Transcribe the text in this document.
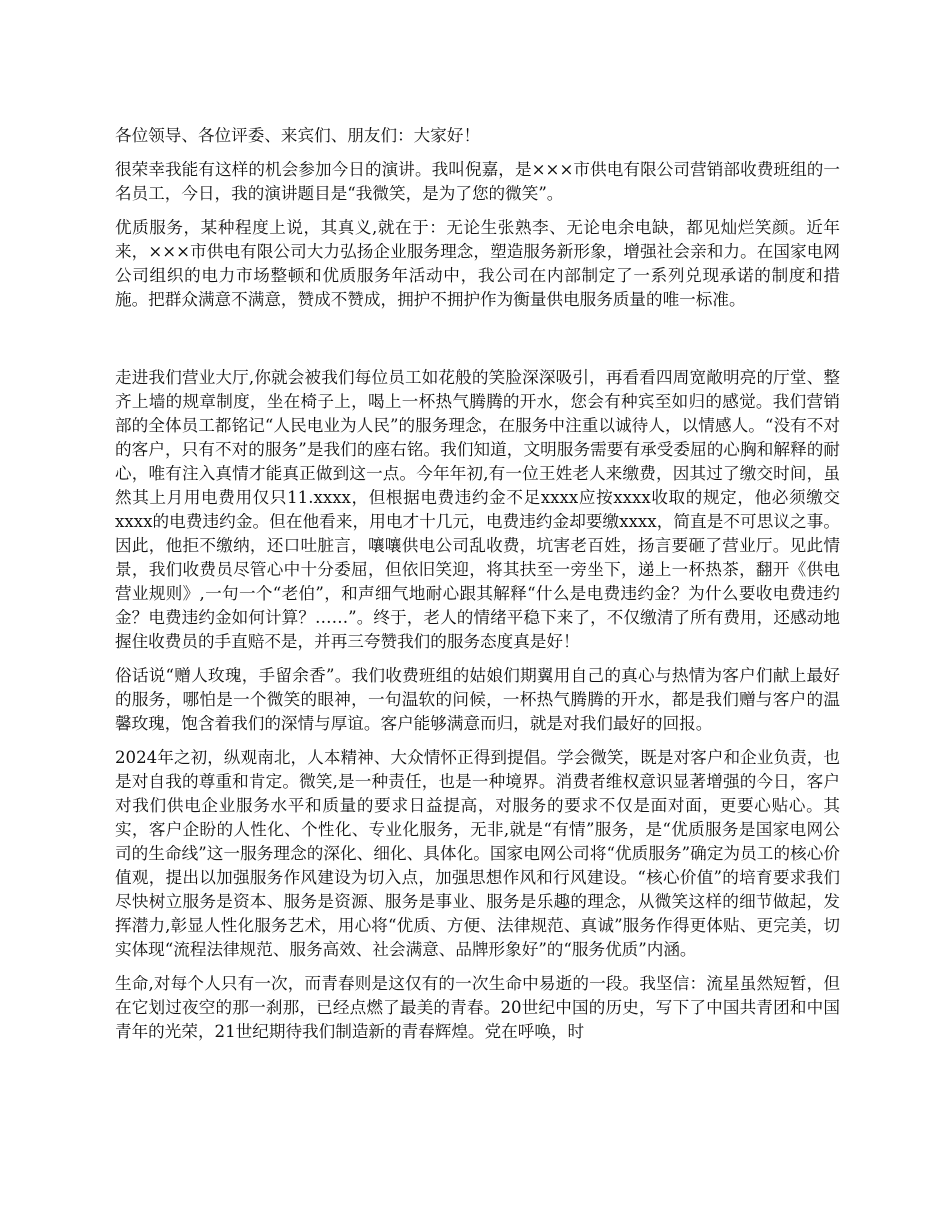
各位领导、各位评委、来宾们、朋友们：大家好！

很荣幸我能有这样的机会参加今日的演讲。我叫倪嘉，是×××市供电有限公司营销部收费班组的一名员工，今日，我的演讲题目是“我微笑，是为了您的微笑”。

优质服务，某种程度上说，其真义,就在于：无论生张熟李、无论电余电缺，都见灿烂笑颜。近年来，×××市供电有限公司大力弘扬企业服务理念，塑造服务新形象，增强社会亲和力。在国家电网公司组织的电力市场整顿和优质服务年活动中，我公司在内部制定了一系列兑现承诺的制度和措施。把群众满意不满意，赞成不赞成，拥护不拥护作为衡量供电服务质量的唯一标准。

走进我们营业大厅,你就会被我们每位员工如花般的笑脸深深吸引，再看看四周宽敞明亮的厅堂、整齐上墙的规章制度，坐在椅子上，喝上一杯热气腾腾的开水，您会有种宾至如归的感觉。我们营销部的全体员工都铭记“人民电业为人民”的服务理念，在服务中注重以诚待人，以情感人。“没有不对的客户，只有不对的服务”是我们的座右铭。我们知道，文明服务需要有承受委屈的心胸和解释的耐心，唯有注入真情才能真正做到这一点。今年年初,有一位王姓老人来缴费，因其过了缴交时间，虽然其上月用电费用仅只11.xxxx，但根据电费违约金不足xxxx应按xxxx收取的规定，他必须缴交xxxx的电费违约金。但在他看来，用电才十几元，电费违约金却要缴xxxx，简直是不可思议之事。因此，他拒不缴纳，还口吐脏言，嚷嚷供电公司乱收费，坑害老百姓，扬言要砸了营业厅。见此情景，我们收费员尽管心中十分委屈，但依旧笑迎，将其扶至一旁坐下，递上一杯热茶，翻开《供电营业规则》,一句一个“老伯”，和声细气地耐心跟其解释“什么是电费违约金？为什么要收电费违约金？电费违约金如何计算？……”。终于，老人的情绪平稳下来了，不仅缴清了所有费用，还感动地握住收费员的手直赔不是，并再三夸赞我们的服务态度真是好！

俗话说“赠人玫瑰，手留余香”。我们收费班组的姑娘们期翼用自己的真心与热情为客户们献上最好的服务，哪怕是一个微笑的眼神，一句温软的问候，一杯热气腾腾的开水，都是我们赠与客户的温馨玫瑰，饱含着我们的深情与厚谊。客户能够满意而归，就是对我们最好的回报。

2024年之初，纵观南北，人本精神、大众情怀正得到提倡。学会微笑，既是对客户和企业负责，也是对自我的尊重和肯定。微笑,是一种责任，也是一种境界。消费者维权意识显著增强的今日，客户对我们供电企业服务水平和质量的要求日益提高，对服务的要求不仅是面对面，更要心贴心。其实，客户企盼的人性化、个性化、专业化服务，无非,就是“有情”服务，是“优质服务是国家电网公司的生命线”这一服务理念的深化、细化、具体化。国家电网公司将“优质服务”确定为员工的核心价值观，提出以加强服务作风建设为切入点，加强思想作风和行风建设。“核心价值”的培育要求我们尽快树立服务是资本、服务是资源、服务是事业、服务是乐趣的理念，从微笑这样的细节做起，发挥潜力,彰显人性化服务艺术，用心将“优质、方便、法律规范、真诚”服务作得更体贴、更完美，切实体现“流程法律规范、服务高效、社会满意、品牌形象好”的“服务优质”内涵。

生命,对每个人只有一次，而青春则是这仅有的一次生命中易逝的一段。我坚信：流星虽然短暂，但在它划过夜空的那一刹那，已经点燃了最美的青春。20世纪中国的历史，写下了中国共青团和中国青年的光荣，21世纪期待我们制造新的青春辉煌。党在呼唤，时
